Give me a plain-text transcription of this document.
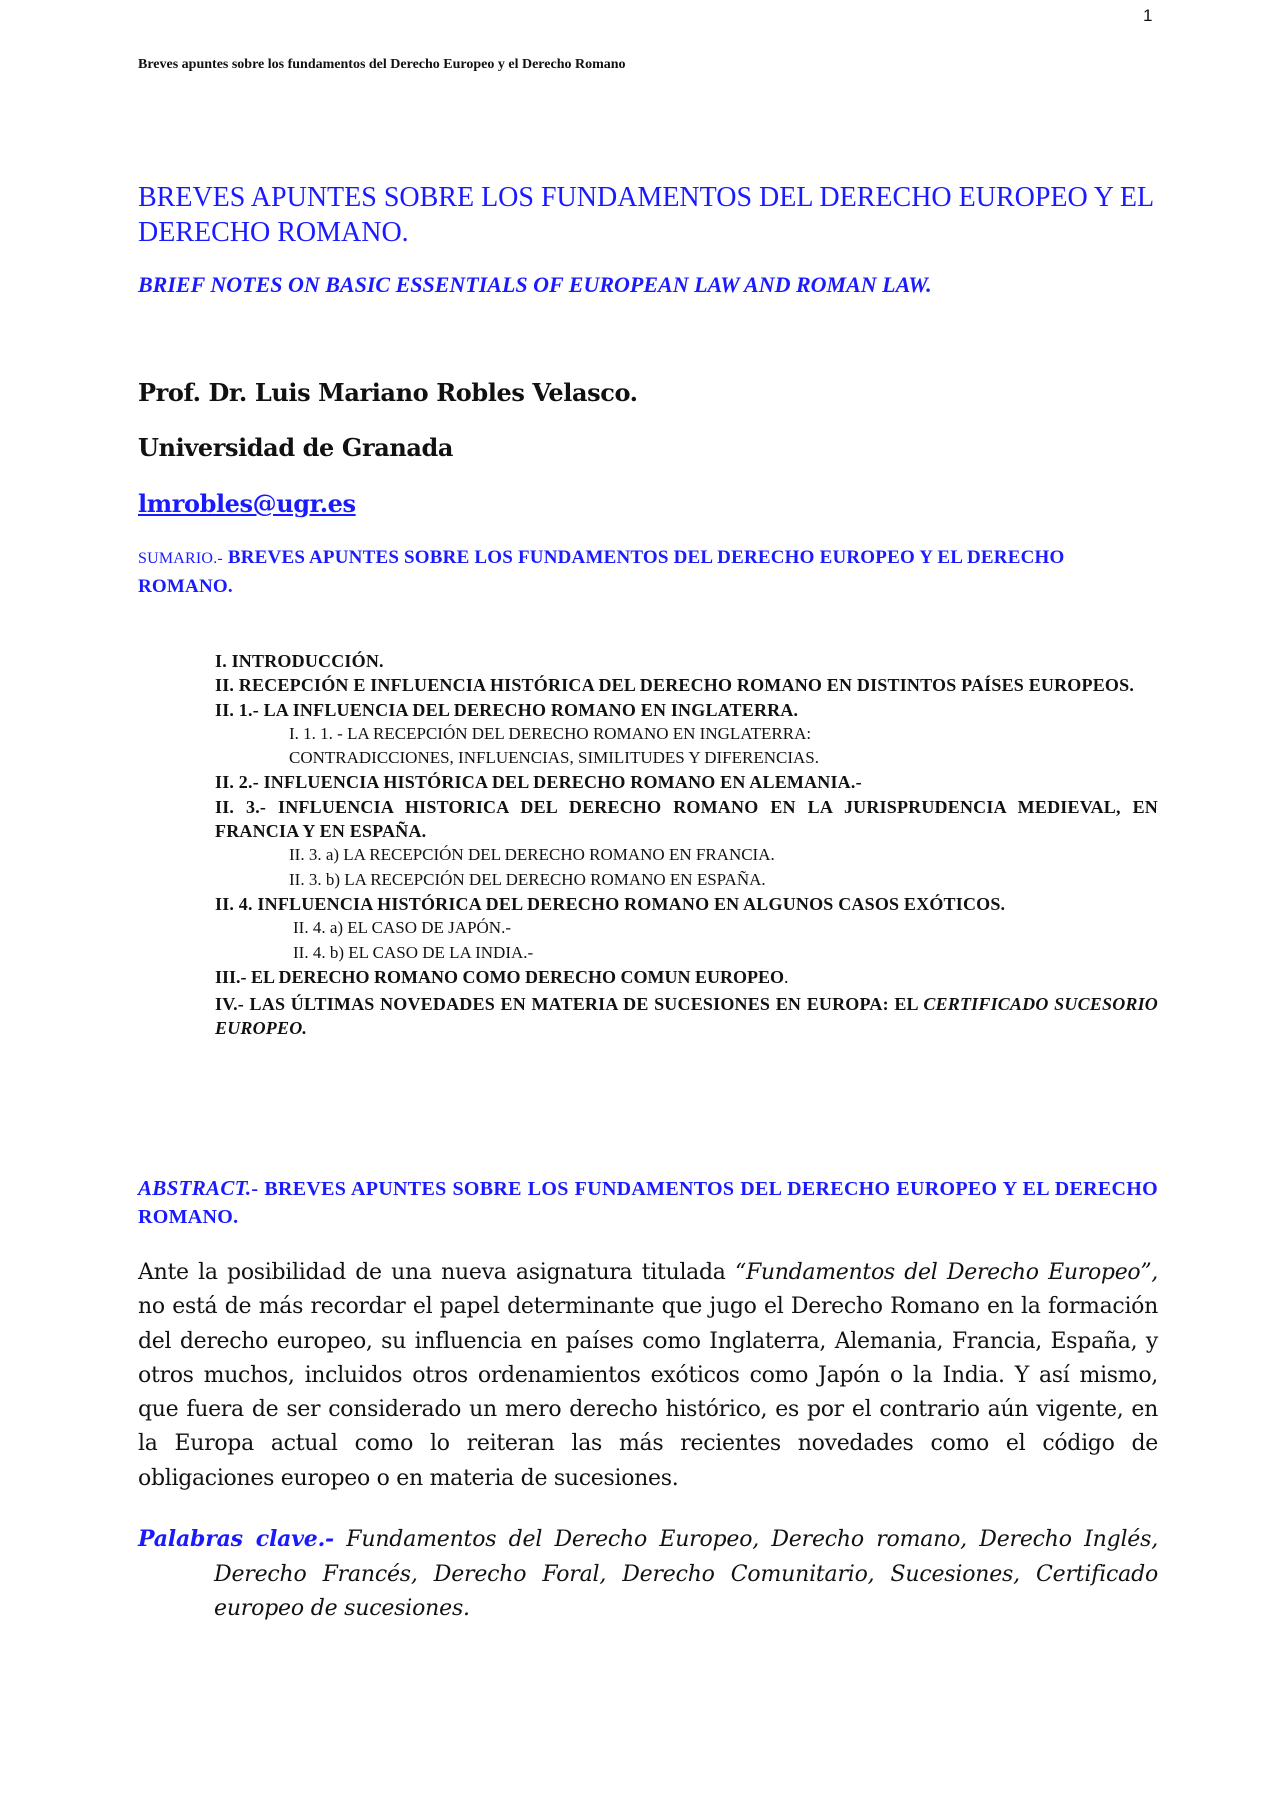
1
Breves apuntes sobre los fundamentos del Derecho Europeo y el Derecho Romano
BREVES APUNTES SOBRE LOS FUNDAMENTOS DEL DERECHO EUROPEO Y EL DERECHO ROMANO.
BRIEF NOTES ON BASIC ESSENTIALS OF EUROPEAN LAW AND ROMAN LAW.
Prof. Dr. Luis Mariano Robles Velasco.
Universidad de Granada
lmrobles@ugr.es
SUMARIO.- BREVES APUNTES SOBRE LOS FUNDAMENTOS DEL DERECHO EUROPEO Y EL DERECHO ROMANO.
I. INTRODUCCIÓN.
II. RECEPCIÓN E INFLUENCIA HISTÓRICA DEL DERECHO ROMANO EN DISTINTOS PAÍSES EUROPEOS.
II. 1.- LA INFLUENCIA DEL DERECHO ROMANO EN INGLATERRA.
I. 1. 1. - LA RECEPCIÓN DEL DERECHO ROMANO EN INGLATERRA:
CONTRADICCIONES, INFLUENCIAS, SIMILITUDES Y DIFERENCIAS.
II. 2.- INFLUENCIA HISTÓRICA DEL DERECHO ROMANO EN ALEMANIA.-
II. 3.- INFLUENCIA HISTORICA DEL DERECHO ROMANO EN LA JURISPRUDENCIA MEDIEVAL, EN FRANCIA Y EN ESPAÑA.
II. 3. a) LA RECEPCIÓN DEL DERECHO ROMANO EN FRANCIA.
II. 3. b) LA RECEPCIÓN DEL DERECHO ROMANO EN ESPAÑA.
II. 4. INFLUENCIA HISTÓRICA DEL DERECHO ROMANO EN ALGUNOS CASOS EXÓTICOS.
II. 4. a) EL CASO DE JAPÓN.-
II. 4. b) EL CASO DE LA INDIA.-
III.- EL DERECHO ROMANO COMO DERECHO COMUN EUROPEO.
IV.- LAS ÚLTIMAS NOVEDADES EN MATERIA DE SUCESIONES EN EUROPA: EL CERTIFICADO SUCESORIO EUROPEO.
ABSTRACT.- BREVES APUNTES SOBRE LOS FUNDAMENTOS DEL DERECHO EUROPEO Y EL DERECHO ROMANO.
Ante la posibilidad de una nueva asignatura titulada “Fundamentos del Derecho Europeo”, no está de más recordar el papel determinante que jugo el Derecho Romano en la formación del derecho europeo, su influencia en países como Inglaterra, Alemania, Francia, España, y otros muchos, incluidos otros ordenamientos exóticos como Japón o la India. Y así mismo, que fuera de ser considerado un mero derecho histórico, es por el contrario aún vigente, en la Europa actual como lo reiteran las más recientes novedades como el código de obligaciones europeo o en materia de sucesiones.
Palabras clave.- Fundamentos del Derecho Europeo, Derecho romano, Derecho Inglés, Derecho Francés, Derecho Foral, Derecho Comunitario, Sucesiones, Certificado europeo de sucesiones.
